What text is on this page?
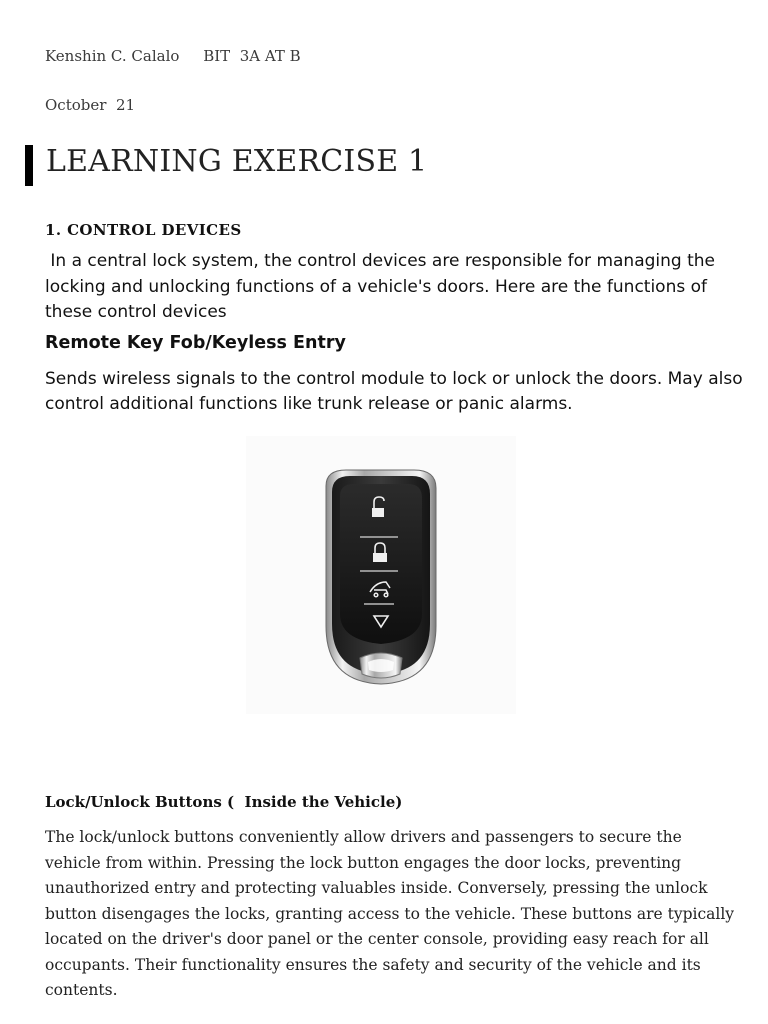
Kenshin C. Calalo     BIT  3A AT B
October  21
LEARNING EXERCISE 1
1. CONTROL DEVICES
In a central lock system, the control devices are responsible for managing the locking and unlocking functions of a vehicle's doors. Here are the functions of these control devices
Remote Key Fob/Keyless Entry
Sends wireless signals to the control module to lock or unlock the doors. May also control additional functions like trunk release or panic alarms.
Lock/Unlock Buttons (  Inside the Vehicle)
The lock/unlock buttons conveniently allow drivers and passengers to secure the vehicle from within. Pressing the lock button engages the door locks, preventing unauthorized entry and protecting valuables inside. Conversely, pressing the unlock button disengages the locks, granting access to the vehicle. These buttons are typically located on the driver's door panel or the center console, providing easy reach for all occupants. Their functionality ensures the safety and security of the vehicle and its contents.
